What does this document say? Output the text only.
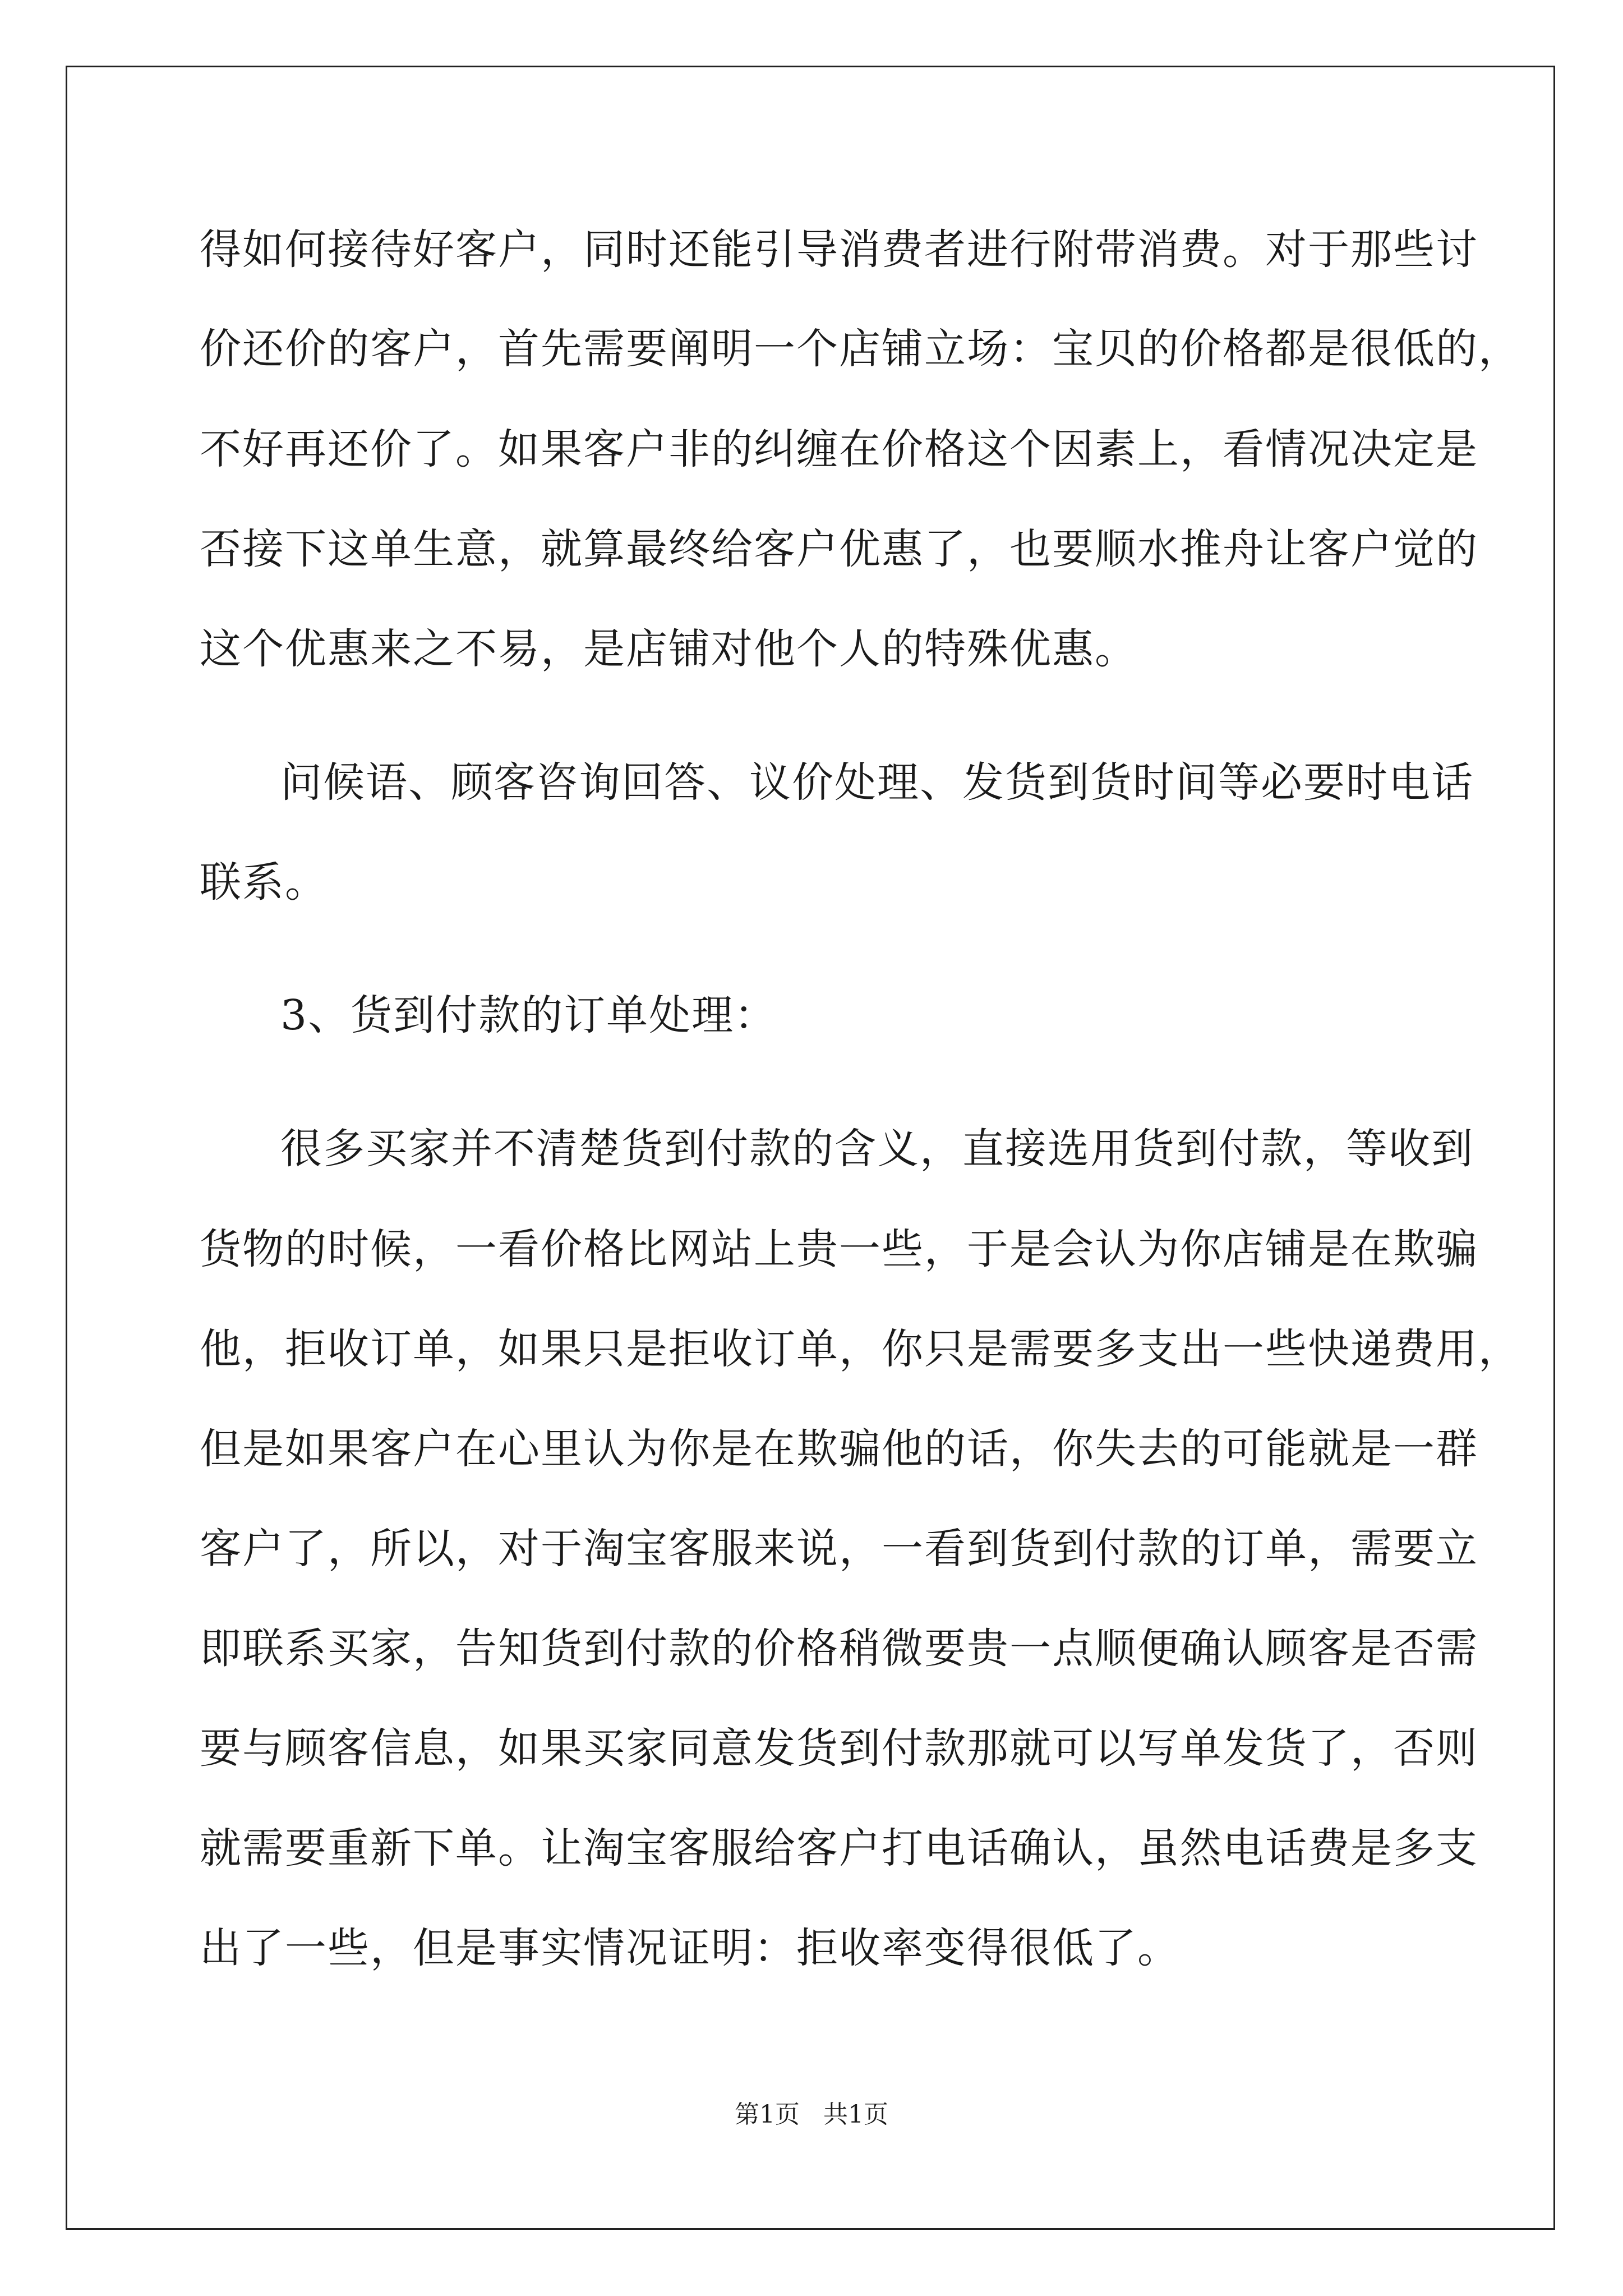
得如何接待好客户，同时还能引导消费者进行附带消费。对于那些讨
价还价的客户，首先需要阐明一个店铺立场：宝贝的价格都是很低的，
不好再还价了。如果客户非的纠缠在价格这个因素上，看情况决定是
否接下这单生意，就算最终给客户优惠了，也要顺水推舟让客户觉的
这个优惠来之不易，是店铺对他个人的特殊优惠。
问候语、顾客咨询回答、议价处理、发货到货时间等必要时电话
联系。
3、货到付款的订单处理：
很多买家并不清楚货到付款的含义，直接选用货到付款，等收到
货物的时候，一看价格比网站上贵一些，于是会认为你店铺是在欺骗
他，拒收订单，如果只是拒收订单，你只是需要多支出一些快递费用，
但是如果客户在心里认为你是在欺骗他的话，你失去的可能就是一群
客户了，所以，对于淘宝客服来说，一看到货到付款的订单，需要立
即联系买家，告知货到付款的价格稍微要贵一点顺便确认顾客是否需
要与顾客信息，如果买家同意发货到付款那就可以写单发货了，否则
就需要重新下单。让淘宝客服给客户打电话确认，虽然电话费是多支
出了一些，但是事实情况证明：拒收率变得很低了。
第1页   共1页
